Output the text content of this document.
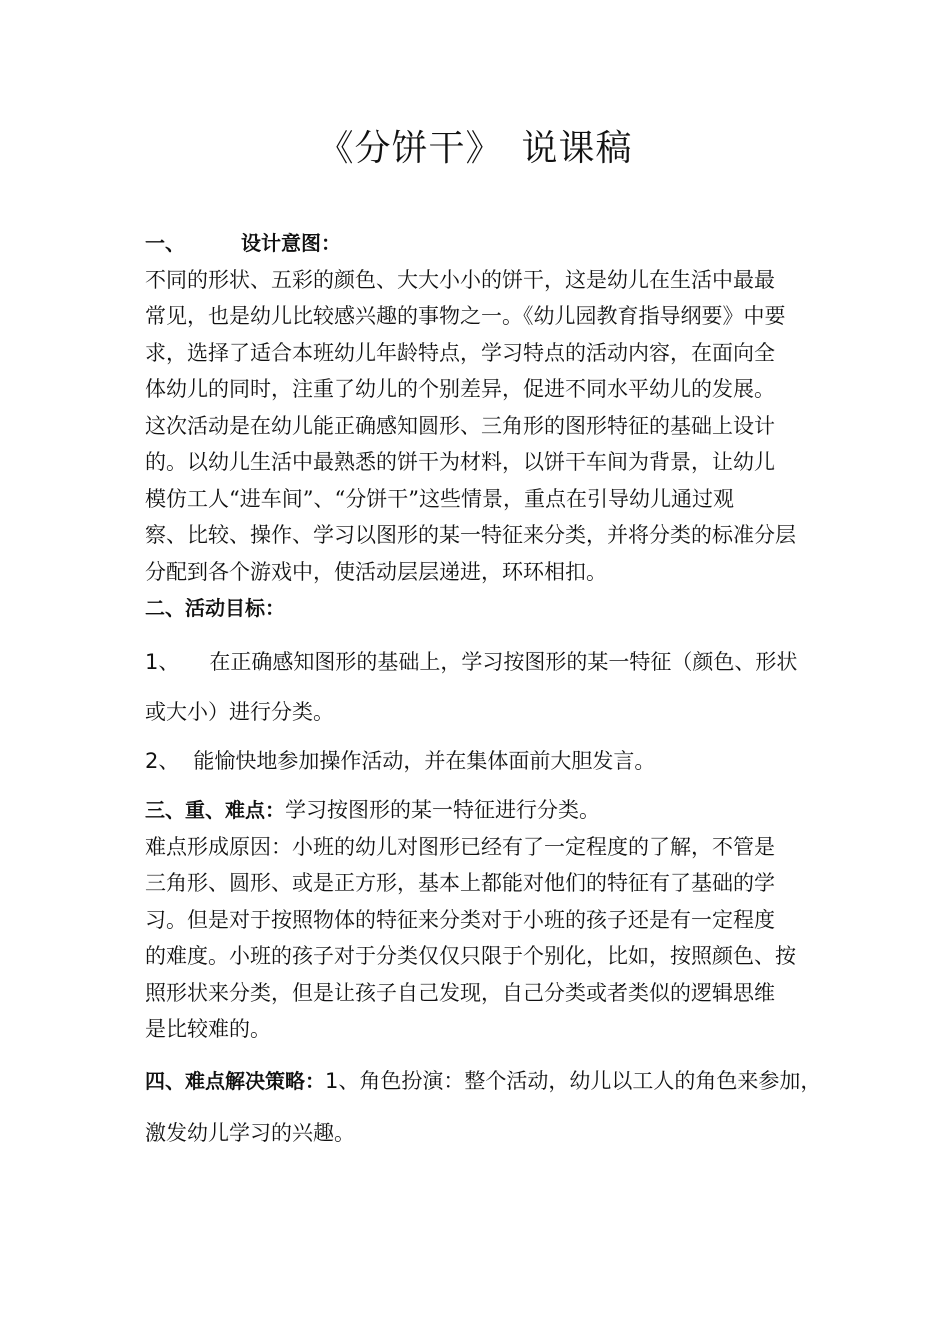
《分饼干》　说课稿
一、	设计意图：
不同的形状、五彩的颜色、大大小小的饼干，这是幼儿在生活中最最
常见，也是幼儿比较感兴趣的事物之一。《幼儿园教育指导纲要》中要
求，选择了适合本班幼儿年龄特点，学习特点的活动内容，在面向全
体幼儿的同时，注重了幼儿的个别差异，促进不同水平幼儿的发展。
这次活动是在幼儿能正确感知圆形、三角形的图形特征的基础上设计
的。以幼儿生活中最熟悉的饼干为材料，以饼干车间为背景，让幼儿
模仿工人“进车间”、“分饼干”这些情景，重点在引导幼儿通过观
察、比较、操作、学习以图形的某一特征来分类，并将分类的标准分层
分配到各个游戏中，使活动层层递进，环环相扣。
二、活动目标：
1、 在正确感知图形的基础上，学习按图形的某一特征（颜色、形状
或大小）进行分类。
2、 能愉快地参加操作活动，并在集体面前大胆发言。
三、重、难点：学习按图形的某一特征进行分类。
难点形成原因：小班的幼儿对图形已经有了一定程度的了解，不管是
三角形、圆形、或是正方形，基本上都能对他们的特征有了基础的学
习。但是对于按照物体的特征来分类对于小班的孩子还是有一定程度
的难度。小班的孩子对于分类仅仅只限于个别化，比如，按照颜色、按
照形状来分类，但是让孩子自己发现，自己分类或者类似的逻辑思维
是比较难的。
四、难点解决策略：1、角色扮演：整个活动，幼儿以工人的角色来参加，
激发幼儿学习的兴趣。
